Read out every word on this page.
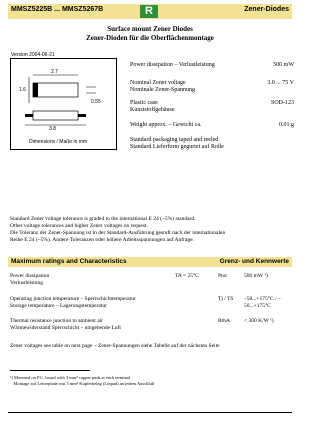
MMSZ5225B ... MMSZ5267B	Zener-Diodes
R
Surface mount Zener Diodes
Zener-Dioden für die Oberflächenmontage
Version 2004-06-21
2.7
1.6
3.8
0.55
Dimensions / Maße in mm
Power dissipation – Verlustleistung	500 mW
Nominal Zener voltage
Nominale Zener-Spannung
3.0 ... 75 V
Plastic case
Kunststoffgehäuse
SOD-123
Weight approx. – Gewicht ca.	0.01 g
Standard packaging taped and reeled
Standard Lieferform gegurtet auf Rolle
Standard Zener voltage tolerance is graded to the international E 24 (~5%) standard.
Other voltage tolerances and higher Zener voltages on request.
Die Toleranz der Zener-Spannung ist in der Standard-Ausführung gestuft nach der internationalen
Reihe E 24 (~5%). Andere Toleranzen oder höhere Arbeitsspannungen auf Anfrage.
Maximum ratings and Characteristics	Grenz- und Kennwerte
Power dissipation
Verlustleistung
TA = 25°C	Ptot	500 mW ¹)
Operating junction temperature – Sperrschichttemperatur
Storage temperature – Lagerungstemperatur
Tj / TS –50...+175°C / –50...+175°C
Thermal resistance junction to ambient air
Wärmewiderstand Sperrschicht – umgebende Luft
RthA	< 300 K/W ¹)
Zener voltages see table on next page – Zener-Spannungen siehe Tabelle auf der nächsten Seite
¹) Mounted on P.C. board with 3 mm² copper pads at each terminal
Montage auf Leiterplatte mit 3 mm² Kupferbelag (Lötpad) an jedem Anschluß
